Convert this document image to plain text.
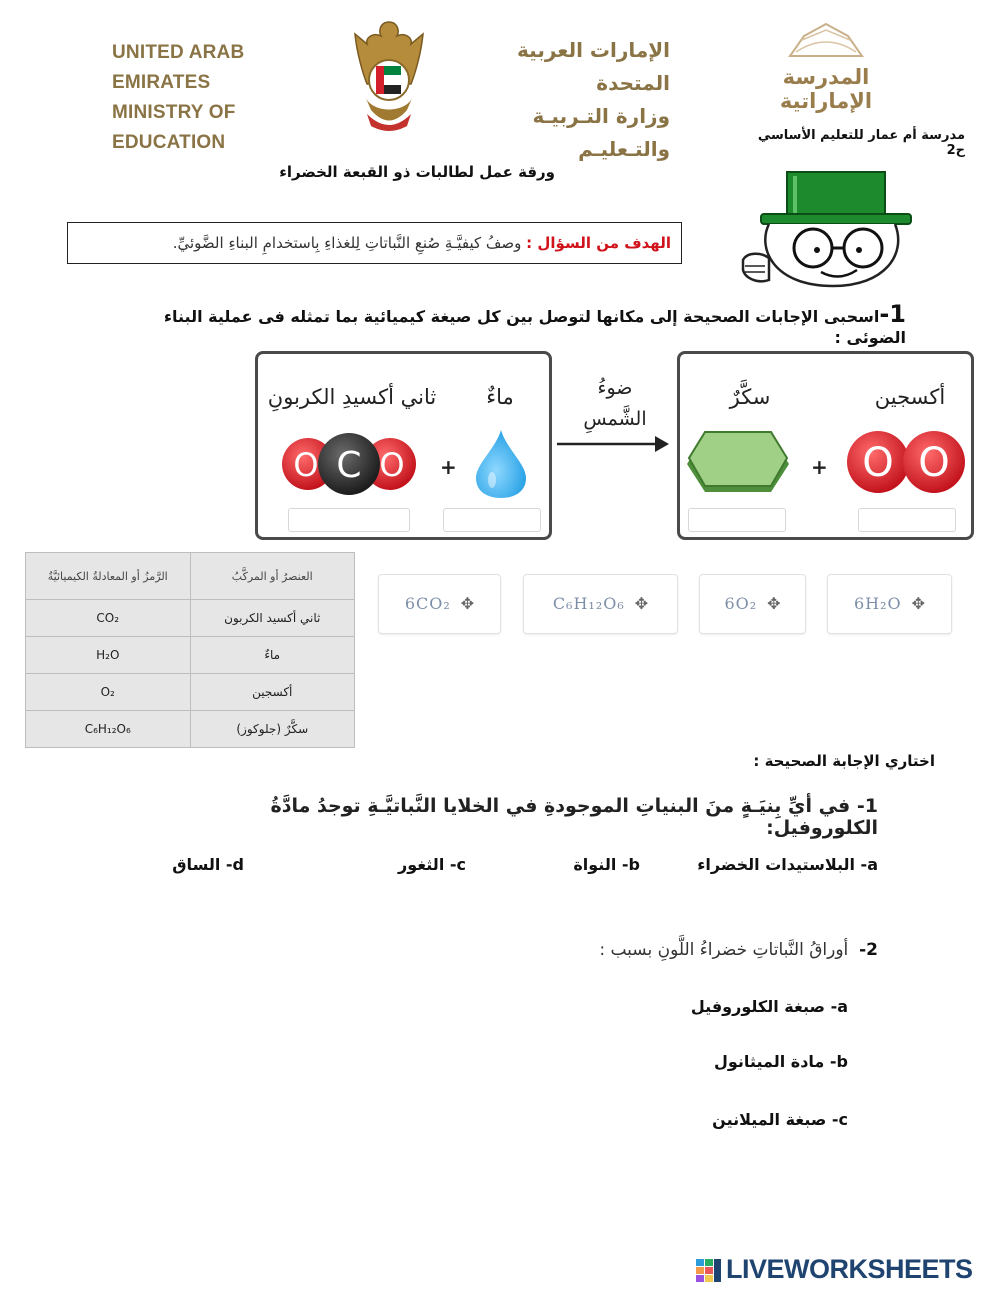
UNITED ARAB EMIRATES
MINISTRY OF EDUCATION
الإمارات العربية المتحدة
وزارة التـربيـة والتـعليـم
المدرسة
الإماراتية
مدرسة أم عمار للتعليم الأساسي ح2
ورقة عمل لطالبات ذو القبعة الخضراء
الهدف من السؤال : وصفُ كيفيَّـةِ صُنعِ النَّباتاتِ لِلغذاءِ بِاستخدامِ البناءِ الضَّوئيِّ.
1-اسحبى الإجابات الصحيحة إلى مكانها لتوصل بين كل صيغة كيميائية بما تمثله فى عملية البناء الضوئى :
ثاني أكسيدِ الكربونِ	ماءٌ	سكَّرٌ	أكسجين
ضوءُ
الشَّمسِ
O C O +	+ O O
العنصرُ أو المركَّبُ	الرَّمزُ أو المعادلةُ الكيميائيَّةُ
ثاني أكسيد الكربون	CO₂
ماءٌ	H₂O
أكسجين	O₂
سكَّرٌ (جلوكوز)	C₆H₁₂O₆
6CO₂ ✥	C₆H₁₂O₆ ✥	6O₂ ✥	6H₂O ✥
اختاري الإجابة الصحيحة :
1- في أيِّ بِنيَـةٍ منَ البنياتِ الموجودةِ في الخلايا النَّباتيَّـةِ توجدُ مادَّةُ الكلوروفيل:
a- البلاستيدات الخضراء
b- النواة
c- الثغور
d- الساق
2-  أوراقُ النَّباتاتِ خضراءُ اللَّونِ بسبب :
a- صبغة الكلوروفيل
b- مادة الميثانول
c- صبغة الميلانين
LIVEWORKSHEETS
